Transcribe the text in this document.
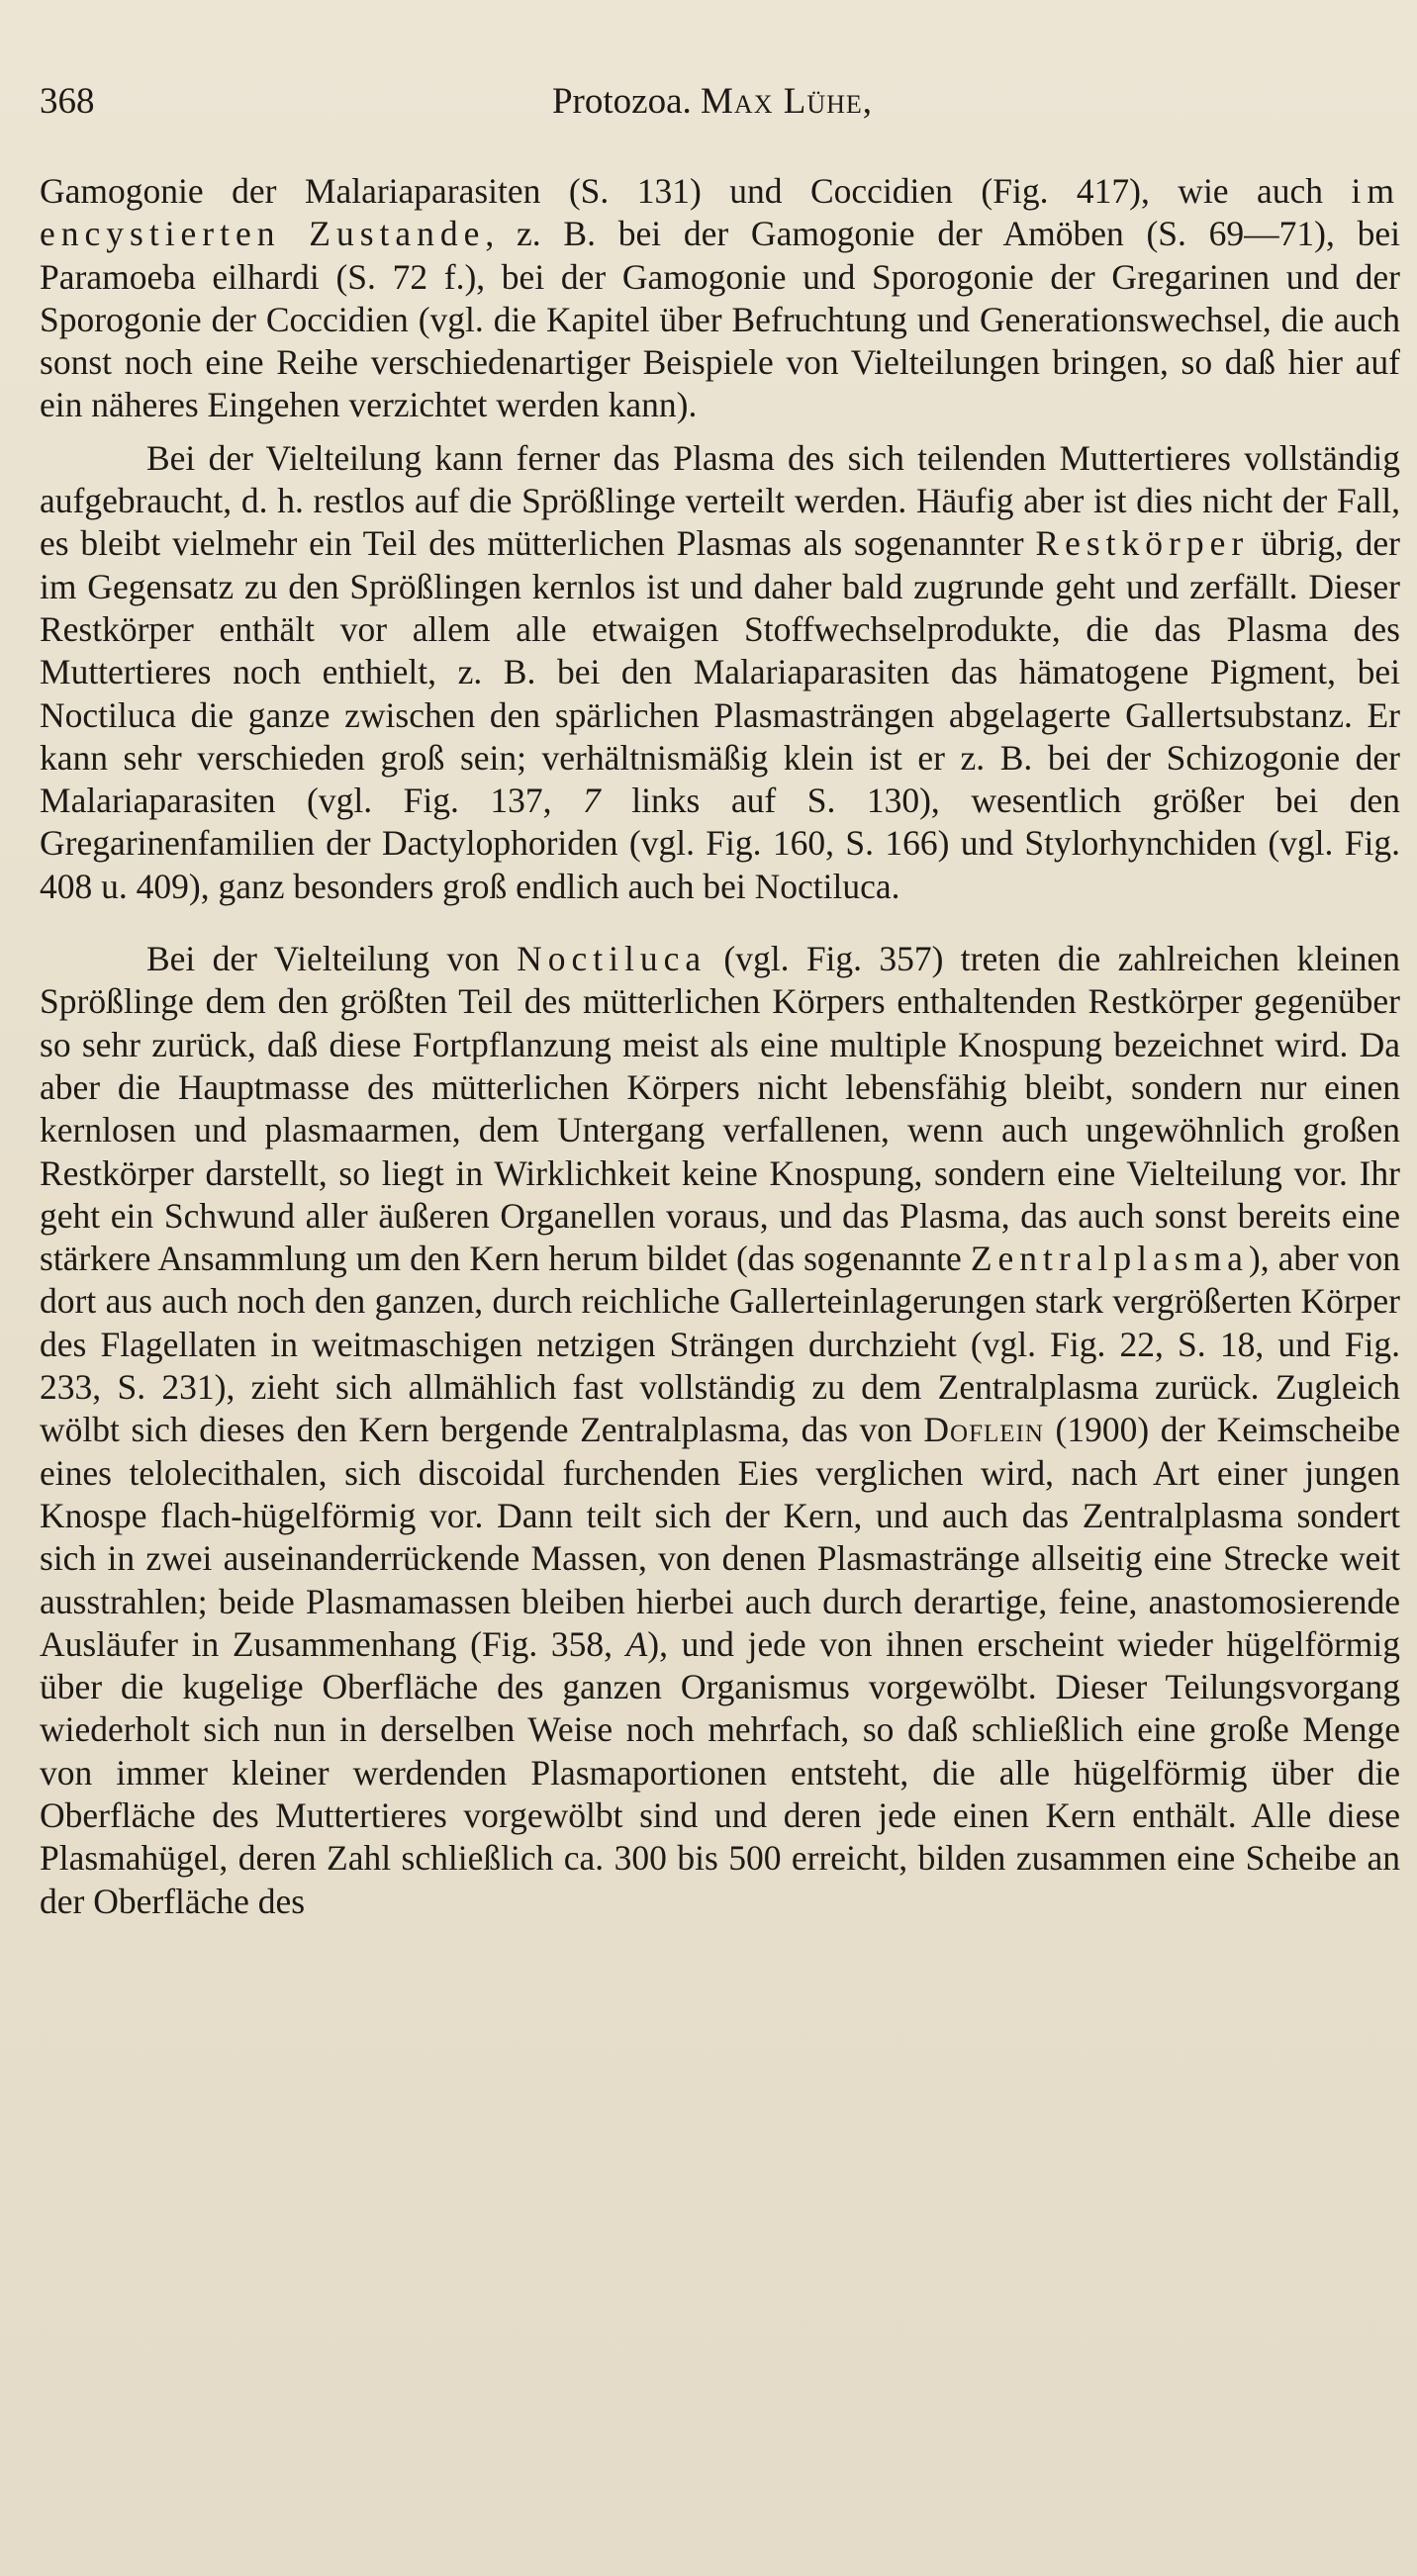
368	Protozoa. Max Lühe,

Gamogonie der Malariaparasiten (S. 131) und Coccidien (Fig. 417), wie auch im encystierten Zustande, z. B. bei der Gamogonie der Amöben (S. 69—71), bei Paramoeba eilhardi (S. 72 f.), bei der Gamogonie und Sporogonie der Gregarinen und der Sporogonie der Coccidien (vgl. die Kapitel über Befruchtung und Generationswechsel, die auch sonst noch eine Reihe verschiedenartiger Beispiele von Vielteilungen bringen, so daß hier auf ein näheres Eingehen verzichtet werden kann).

Bei der Vielteilung kann ferner das Plasma des sich teilenden Muttertieres vollständig aufgebraucht, d. h. restlos auf die Sprößlinge verteilt werden. Häufig aber ist dies nicht der Fall, es bleibt vielmehr ein Teil des mütterlichen Plasmas als sogenannter Restkörper übrig, der im Gegensatz zu den Sprößlingen kernlos ist und daher bald zugrunde geht und zerfällt. Dieser Restkörper enthält vor allem alle etwaigen Stoffwechselprodukte, die das Plasma des Muttertieres noch enthielt, z. B. bei den Malariaparasiten das hämatogene Pigment, bei Noctiluca die ganze zwischen den spärlichen Plasmasträngen abgelagerte Gallertsubstanz. Er kann sehr verschieden groß sein; verhältnismäßig klein ist er z. B. bei der Schizogonie der Malariaparasiten (vgl. Fig. 137, 7 links auf S. 130), wesentlich größer bei den Gregarinenfamilien der Dactylophoriden (vgl. Fig. 160, S. 166) und Stylorhynchiden (vgl. Fig. 408 u. 409), ganz besonders groß endlich auch bei Noctiluca.

Bei der Vielteilung von Noctiluca (vgl. Fig. 357) treten die zahlreichen kleinen Sprößlinge dem den größten Teil des mütterlichen Körpers enthaltenden Restkörper gegenüber so sehr zurück, daß diese Fortpflanzung meist als eine multiple Knospung bezeichnet wird. Da aber die Hauptmasse des mütterlichen Körpers nicht lebensfähig bleibt, sondern nur einen kernlosen und plasmaarmen, dem Untergang verfallenen, wenn auch ungewöhnlich großen Restkörper darstellt, so liegt in Wirklichkeit keine Knospung, sondern eine Vielteilung vor. Ihr geht ein Schwund aller äußeren Organellen voraus, und das Plasma, das auch sonst bereits eine stärkere Ansammlung um den Kern herum bildet (das sogenannte Zentralplasma), aber von dort aus auch noch den ganzen, durch reichliche Gallerteinlagerungen stark vergrößerten Körper des Flagellaten in weitmaschigen netzigen Strängen durchzieht (vgl. Fig. 22, S. 18, und Fig. 233, S. 231), zieht sich allmählich fast vollständig zu dem Zentralplasma zurück. Zugleich wölbt sich dieses den Kern bergende Zentralplasma, das von Doflein (1900) der Keimscheibe eines telolecithalen, sich discoidal furchenden Eies verglichen wird, nach Art einer jungen Knospe flach-hügelförmig vor. Dann teilt sich der Kern, und auch das Zentralplasma sondert sich in zwei auseinanderrückende Massen, von denen Plasmastränge allseitig eine Strecke weit ausstrahlen; beide Plasmamassen bleiben hierbei auch durch derartige, feine, anastomosierende Ausläufer in Zusammenhang (Fig. 358, A), und jede von ihnen erscheint wieder hügelförmig über die kugelige Oberfläche des ganzen Organismus vorgewölbt. Dieser Teilungsvorgang wiederholt sich nun in derselben Weise noch mehrfach, so daß schließlich eine große Menge von immer kleiner werdenden Plasmaportionen entsteht, die alle hügelförmig über die Oberfläche des Muttertieres vorgewölbt sind und deren jede einen Kern enthält. Alle diese Plasmahügel, deren Zahl schließlich ca. 300 bis 500 erreicht, bilden zusammen eine Scheibe an der Oberfläche des
